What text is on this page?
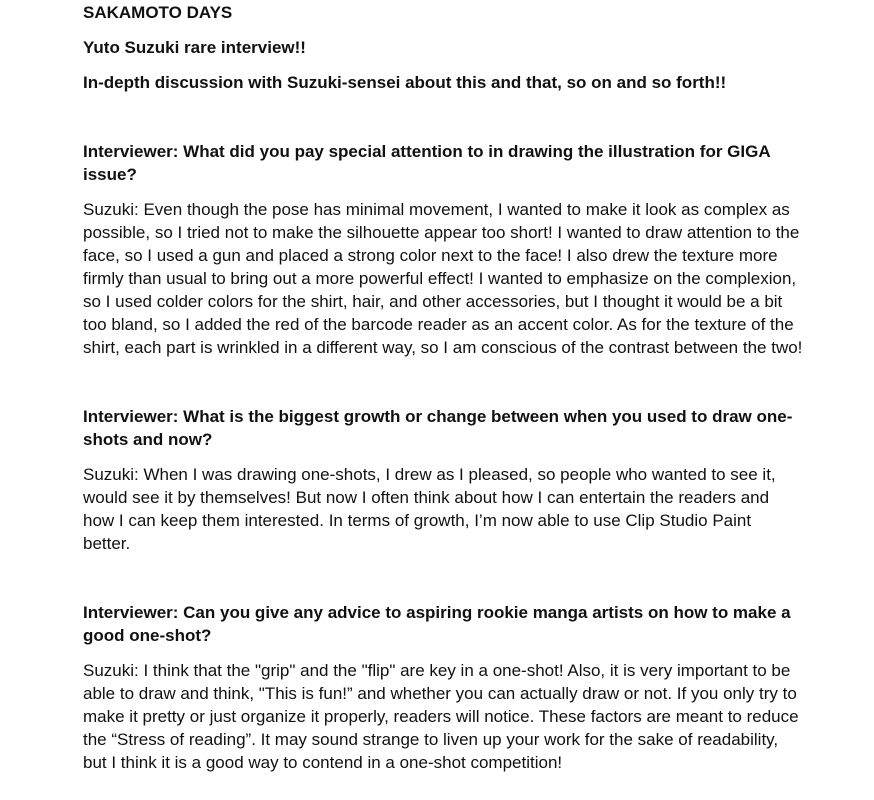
SAKAMOTO DAYS
Yuto Suzuki rare interview!!
In-depth discussion with Suzuki-sensei about this and that, so on and so forth!!

Interviewer: What did you pay special attention to in drawing the illustration for GIGA issue?

Suzuki: Even though the pose has minimal movement, I wanted to make it look as complex as possible, so I tried not to make the silhouette appear too short! I wanted to draw attention to the face, so I used a gun and placed a strong color next to the face! I also drew the texture more firmly than usual to bring out a more powerful effect! I wanted to emphasize on the complexion, so I used colder colors for the shirt, hair, and other accessories, but I thought it would be a bit too bland, so I added the red of the barcode reader as an accent color. As for the texture of the shirt, each part is wrinkled in a different way, so I am conscious of the contrast between the two!

Interviewer: What is the biggest growth or change between when you used to draw one-shots and now?

Suzuki: When I was drawing one-shots, I drew as I pleased, so people who wanted to see it, would see it by themselves! But now I often think about how I can entertain the readers and how I can keep them interested. In terms of growth, I’m now able to use Clip Studio Paint better.

Interviewer: Can you give any advice to aspiring rookie manga artists on how to make a good one-shot?

Suzuki: I think that the "grip" and the "flip" are key in a one-shot! Also, it is very important to be able to draw and think, "This is fun!” and whether you can actually draw or not. If you only try to make it pretty or just organize it properly, readers will notice. These factors are meant to reduce the “Stress of reading”. It may sound strange to liven up your work for the sake of readability, but I think it is a good way to contend in a one-shot competition!
